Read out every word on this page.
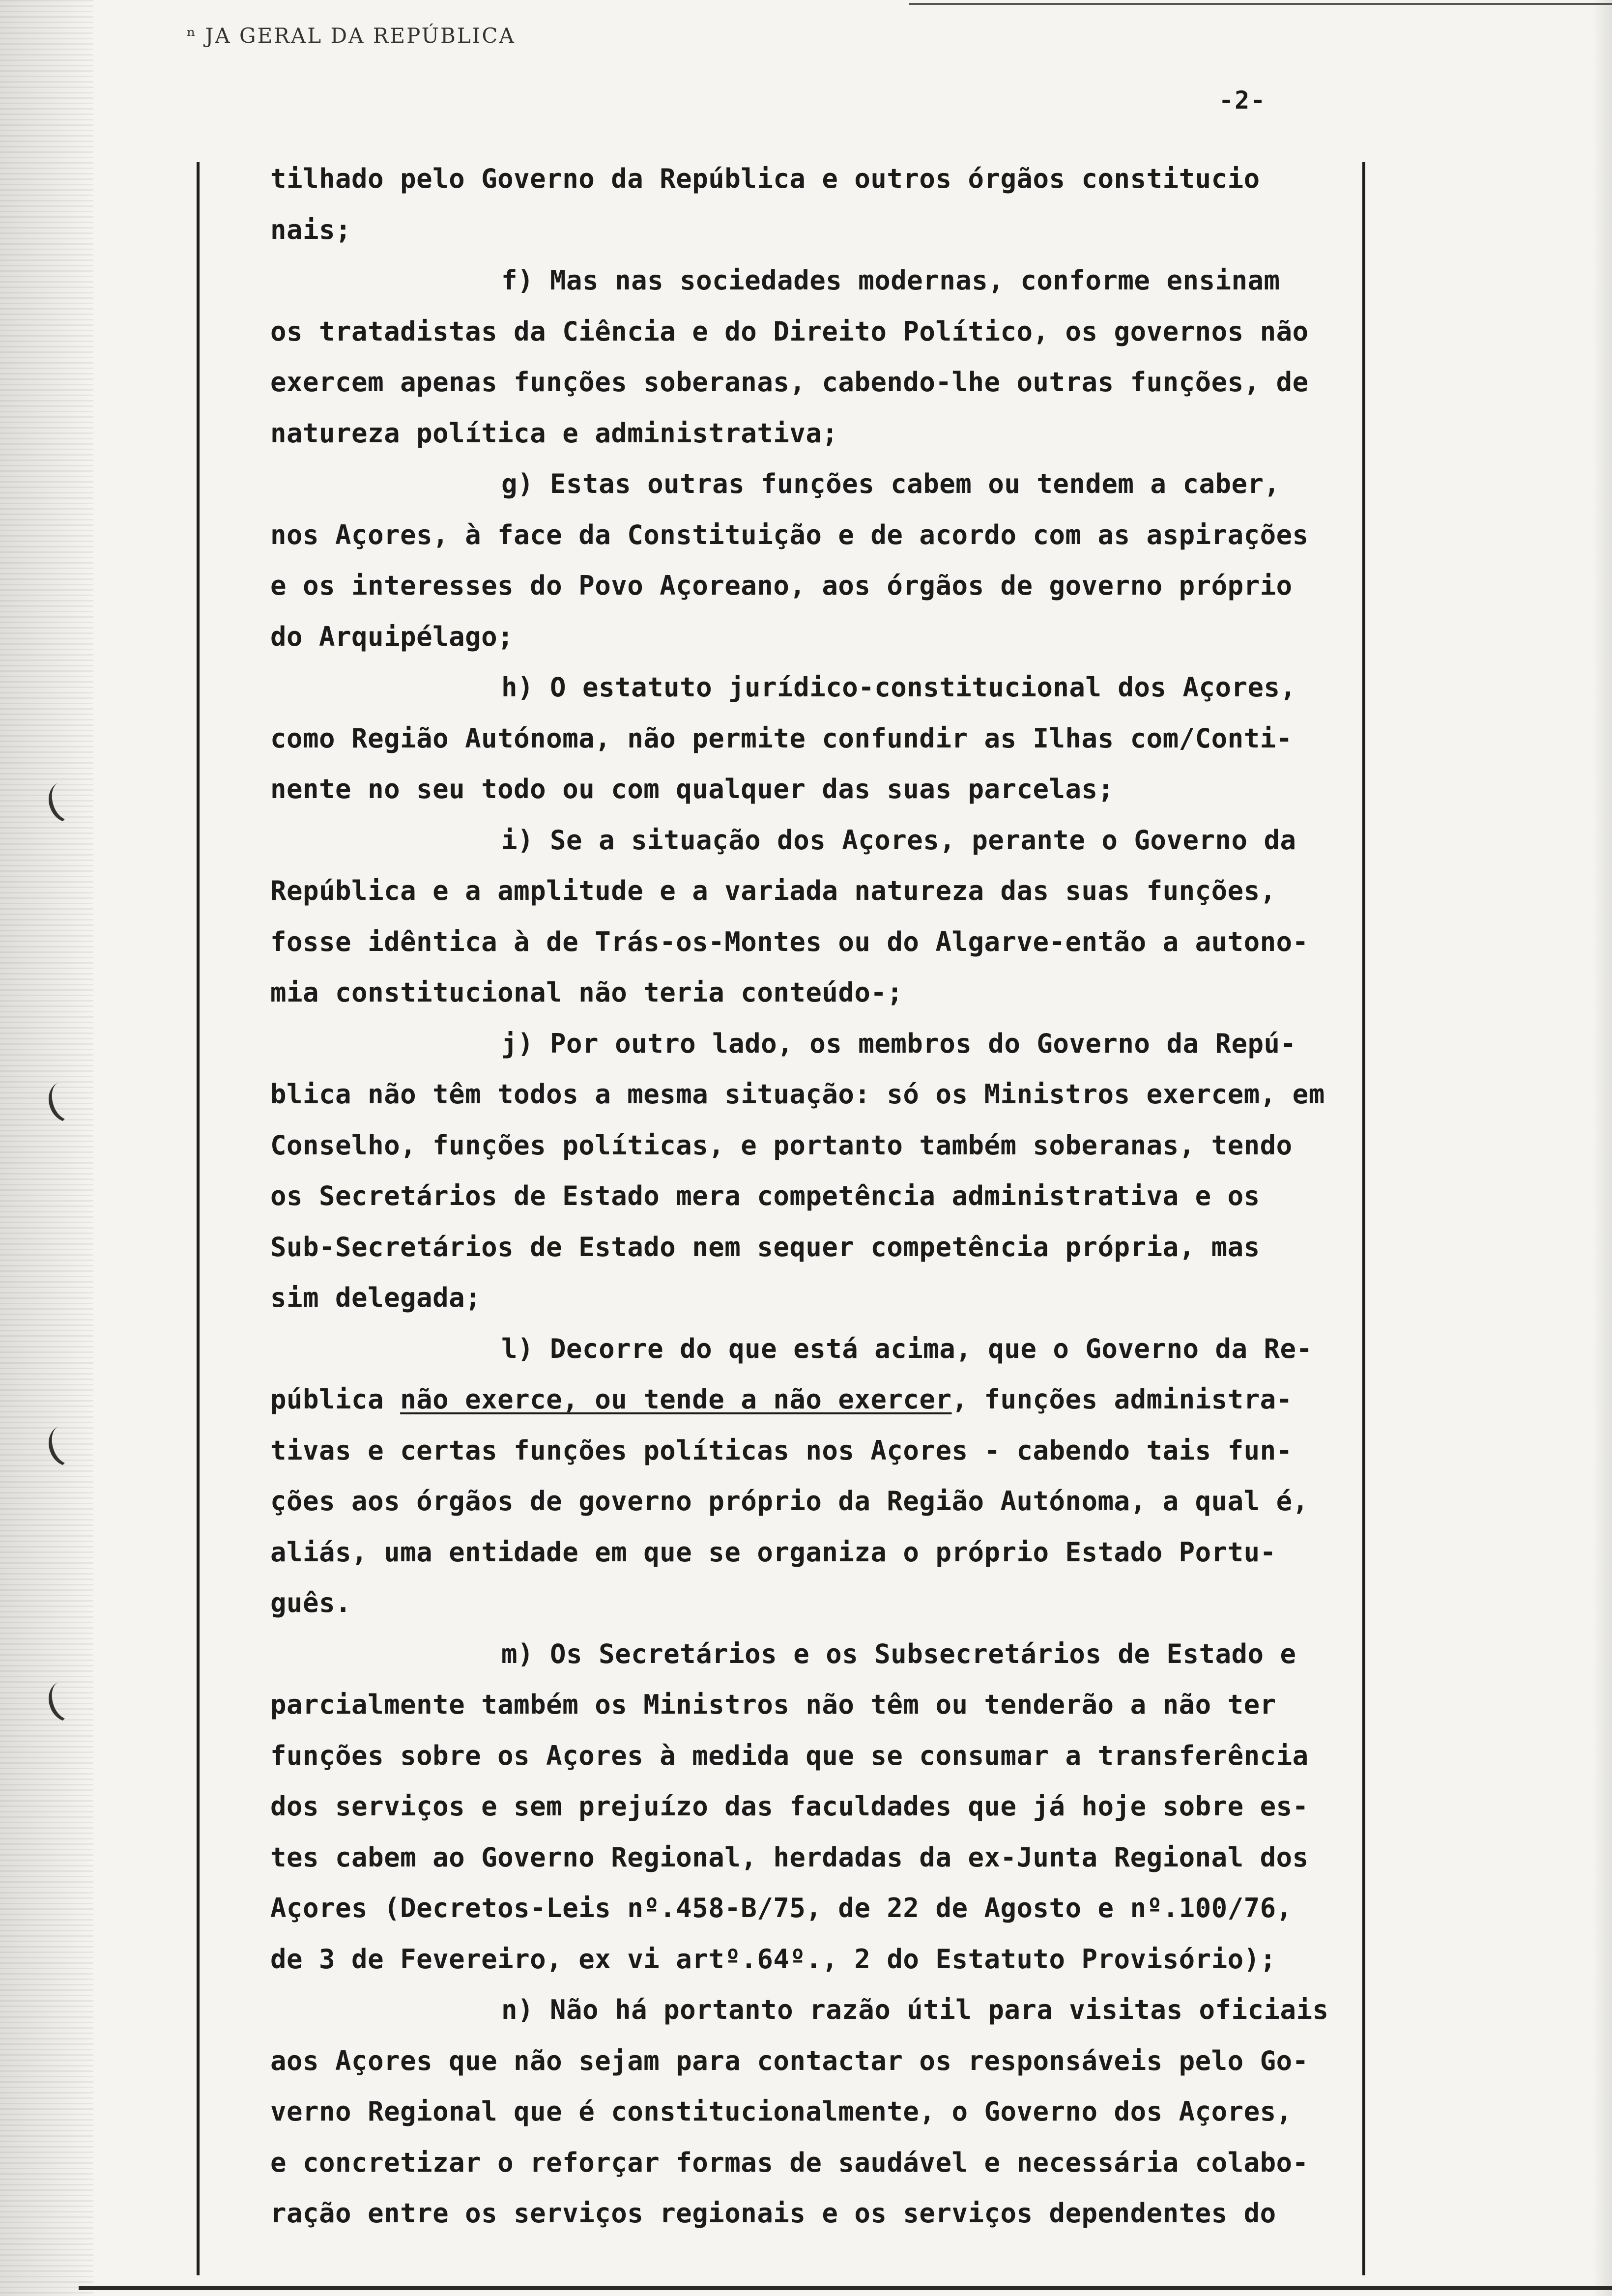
ⁿ JA GERAL DA REPÚBLICA
-2-
tilhado pelo Governo da República e outros órgãos constitucio
nais;
f) Mas nas sociedades modernas, conforme ensinam
os tratadistas da Ciência e do Direito Político, os governos não
exercem apenas funções soberanas, cabendo-lhe outras funções, de
natureza política e administrativa;
g) Estas outras funções cabem ou tendem a caber,
nos Açores, à face da Constituição e de acordo com as aspirações
e os interesses do Povo Açoreano, aos órgãos de governo próprio
do Arquipélago;
h) O estatuto jurídico-constitucional dos Açores,
como Região Autónoma, não permite confundir as Ilhas com/Conti-
nente no seu todo ou com qualquer das suas parcelas;
i) Se a situação dos Açores, perante o Governo da
República e a amplitude e a variada natureza das suas funções,
fosse idêntica à de Trás-os-Montes ou do Algarve-então a autono-
mia constitucional não teria conteúdo-;
j) Por outro lado, os membros do Governo da Repú-
blica não têm todos a mesma situação: só os Ministros exercem, em
Conselho, funções políticas, e portanto também soberanas, tendo
os Secretários de Estado mera competência administrativa e os
Sub-Secretários de Estado nem sequer competência própria, mas
sim delegada;
l) Decorre do que está acima, que o Governo da Re-
pública não exerce, ou tende a não exercer, funções administra-
tivas e certas funções políticas nos Açores - cabendo tais fun-
ções aos órgãos de governo próprio da Região Autónoma, a qual é,
aliás, uma entidade em que se organiza o próprio Estado Portu-
guês.
m) Os Secretários e os Subsecretários de Estado e
parcialmente também os Ministros não têm ou tenderão a não ter
funções sobre os Açores à medida que se consumar a transferência
dos serviços e sem prejuízo das faculdades que já hoje sobre es-
tes cabem ao Governo Regional, herdadas da ex-Junta Regional dos
Açores (Decretos-Leis nº.458-B/75, de 22 de Agosto e nº.100/76,
de 3 de Fevereiro, ex vi artº.64º., 2 do Estatuto Provisório);
n) Não há portanto razão útil para visitas oficiais
aos Açores que não sejam para contactar os responsáveis pelo Go-
verno Regional que é constitucionalmente, o Governo dos Açores,
e concretizar o reforçar formas de saudável e necessária colabo-
ração entre os serviços regionais e os serviços dependentes do
